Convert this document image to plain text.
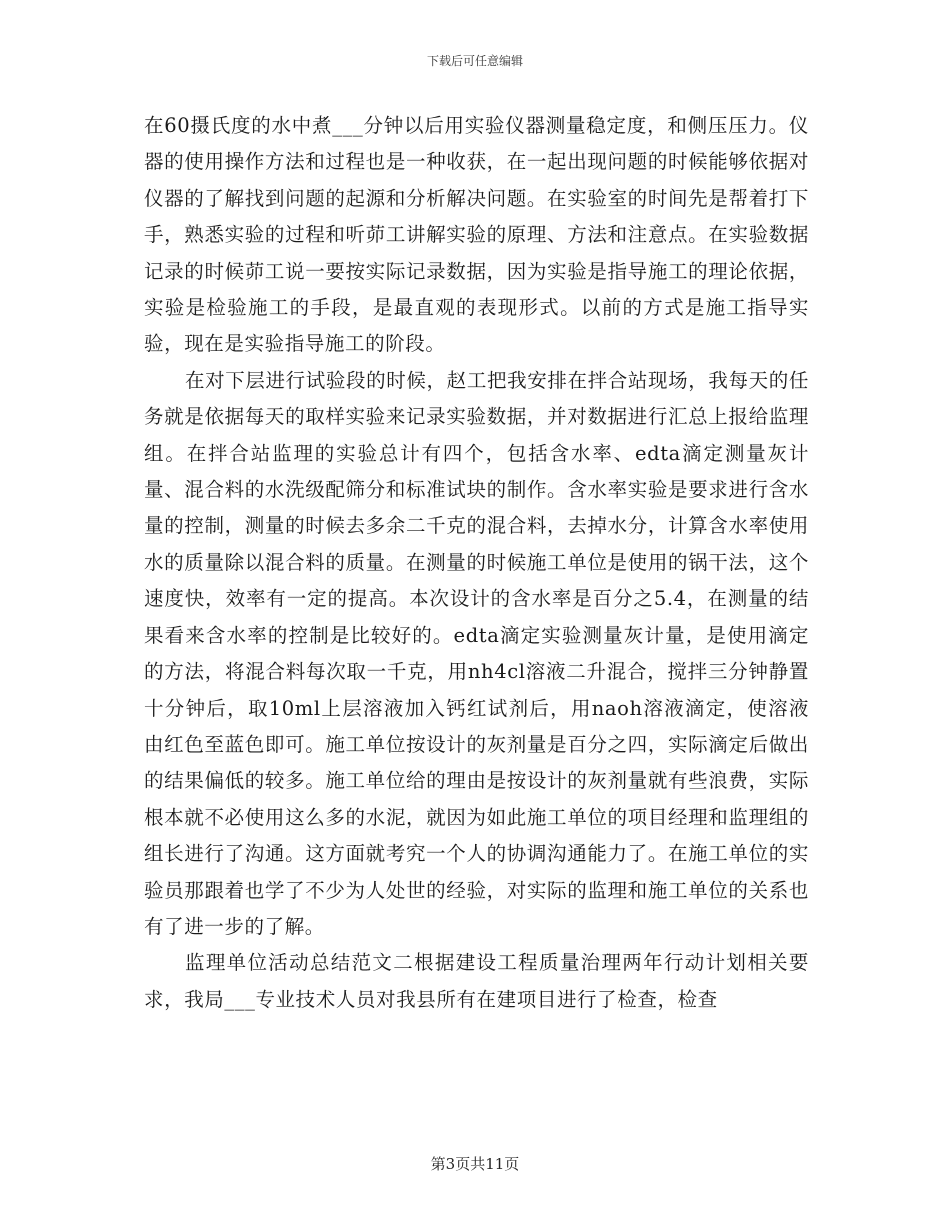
下载后可任意编辑

在60摄氏度的水中煮___分钟以后用实验仪器测量稳定度，和侧压压力。仪器的使用操作方法和过程也是一种收获，在一起出现问题的时候能够依据对仪器的了解找到问题的起源和分析解决问题。在实验室的时间先是帮着打下手，熟悉实验的过程和听茆工讲解实验的原理、方法和注意点。在实验数据记录的时候茆工说一要按实际记录数据，因为实验是指导施工的理论依据，实验是检验施工的手段，是最直观的表现形式。以前的方式是施工指导实验，现在是实验指导施工的阶段。

在对下层进行试验段的时候，赵工把我安排在拌合站现场，我每天的任务就是依据每天的取样实验来记录实验数据，并对数据进行汇总上报给监理组。在拌合站监理的实验总计有四个，包括含水率、edta滴定测量灰计量、混合料的水洗级配筛分和标准试块的制作。含水率实验是要求进行含水量的控制，测量的时候去多余二千克的混合料，去掉水分，计算含水率使用水的质量除以混合料的质量。在测量的时候施工单位是使用的锅干法，这个速度快，效率有一定的提高。本次设计的含水率是百分之5.4，在测量的结果看来含水率的控制是比较好的。edta滴定实验测量灰计量，是使用滴定的方法，将混合料每次取一千克，用nh4cl溶液二升混合，搅拌三分钟静置十分钟后，取10ml上层溶液加入钙红试剂后，用naoh溶液滴定，使溶液由红色至蓝色即可。施工单位按设计的灰剂量是百分之四，实际滴定后做出的结果偏低的较多。施工单位给的理由是按设计的灰剂量就有些浪费，实际根本就不必使用这么多的水泥，就因为如此施工单位的项目经理和监理组的组长进行了沟通。这方面就考究一个人的协调沟通能力了。在施工单位的实验员那跟着也学了不少为人处世的经验，对实际的监理和施工单位的关系也有了进一步的了解。

监理单位活动总结范文二根据建设工程质量治理两年行动计划相关要求，我局___专业技术人员对我县所有在建项目进行了检查，检查

第3页共11页
